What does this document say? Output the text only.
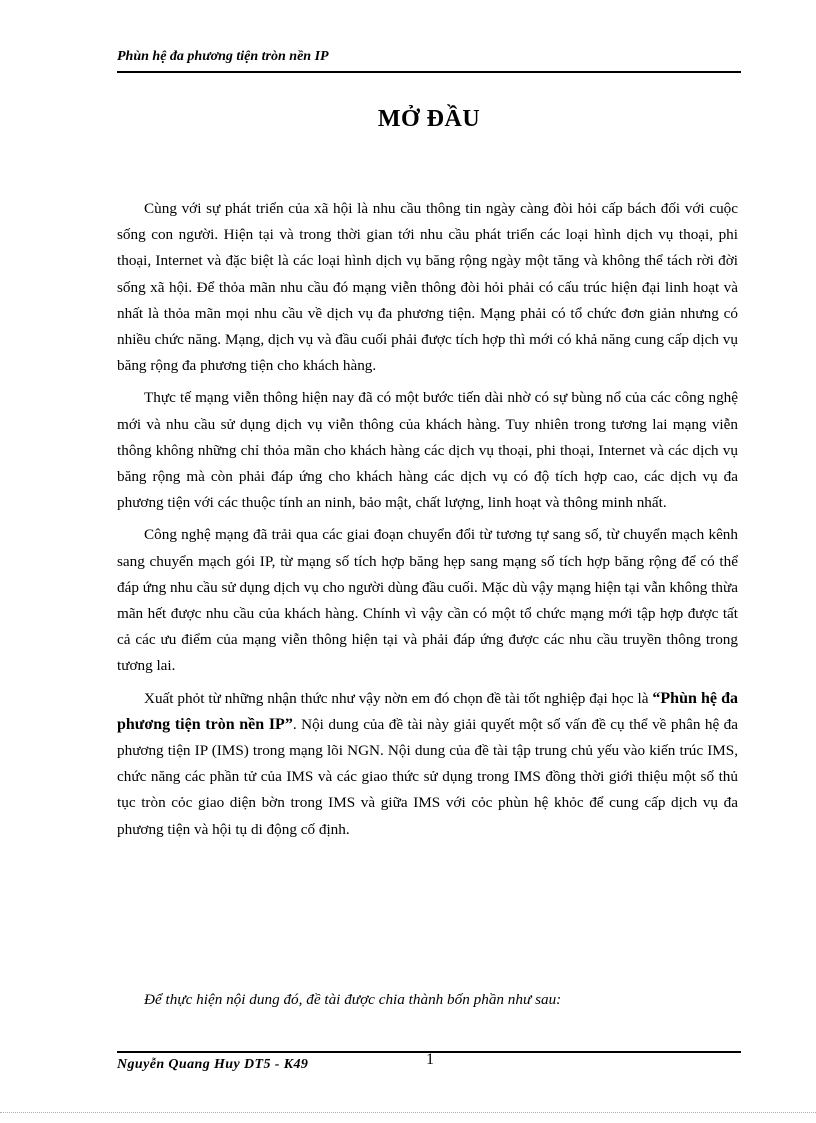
Phùn hệ đa phương tiện tròn nền IP
MỞ ĐẦU

Cùng với sự phát triển của xã hội là nhu cầu thông tin ngày càng đòi hỏi cấp bách đối với cuộc sống con người. Hiện tại và trong thời gian tới nhu cầu phát triển các loại hình dịch vụ thoại, phi thoại, Internet và đặc biệt là các loại hình dịch vụ băng rộng ngày một tăng và không thể tách rời đời sống xã hội. Để thỏa mãn nhu cầu đó mạng viễn thông đòi hỏi phải có cấu trúc hiện đại linh hoạt và nhất là thỏa mãn mọi nhu cầu về dịch vụ đa phương tiện. Mạng phải có tổ chức đơn giản nhưng có nhiều chức năng. Mạng, dịch vụ và đầu cuối phải được tích hợp thì mới có khả năng cung cấp dịch vụ băng rộng đa phương tiện cho khách hàng.

Thực tế mạng viễn thông hiện nay đã có một bước tiến dài nhờ có sự bùng nổ của các công nghệ mới và nhu cầu sử dụng dịch vụ viễn thông của khách hàng. Tuy nhiên trong tương lai mạng viễn thông không những chỉ thỏa mãn cho khách hàng các dịch vụ thoại, phi thoại, Internet và các dịch vụ băng rộng mà còn phải đáp ứng cho khách hàng các dịch vụ có độ tích hợp cao, các dịch vụ đa phương tiện với các thuộc tính an ninh, bảo mật, chất lượng, linh hoạt và thông minh nhất.

Công nghệ mạng đã trải qua các giai đoạn chuyển đổi từ tương tự sang số, từ chuyển mạch kênh sang chuyển mạch gói IP, từ mạng số tích hợp băng hẹp sang mạng số tích hợp băng rộng để có thể đáp ứng nhu cầu sử dụng dịch vụ cho người dùng đầu cuối. Mặc dù vậy mạng hiện tại vẫn không thừa mãn hết được nhu cầu của khách hàng. Chính vì vậy cần có một tổ chức mạng mới tập hợp được tất cả các ưu điểm của mạng viễn thông hiện tại và phải đáp ứng được các nhu cầu truyền thông trong tương lai.

Xuất phỏt từ những nhận thức như vậy nờn em đó chọn đề tài tốt nghiệp đại học là “Phùn hệ đa phương tiện tròn nền IP”. Nội dung của đề tài này giải quyết một số vấn đề cụ thể về phân hệ đa phương tiện IP (IMS) trong mạng lõi NGN. Nội dung của đề tài tập trung chủ yếu vào kiến trúc IMS, chức năng các phần tử của IMS và các giao thức sử dụng trong IMS đồng thời giới thiệu một số thủ tục tròn cỏc giao diện bờn trong IMS và giữa IMS với cỏc phùn hệ khỏc để cung cấp dịch vụ đa phương tiện và hội tụ di động cố định.

Để thực hiện nội dung đó, đề tài được chia thành bốn phần như sau:
Nguyễn Quang Huy DT5 - K49	1
